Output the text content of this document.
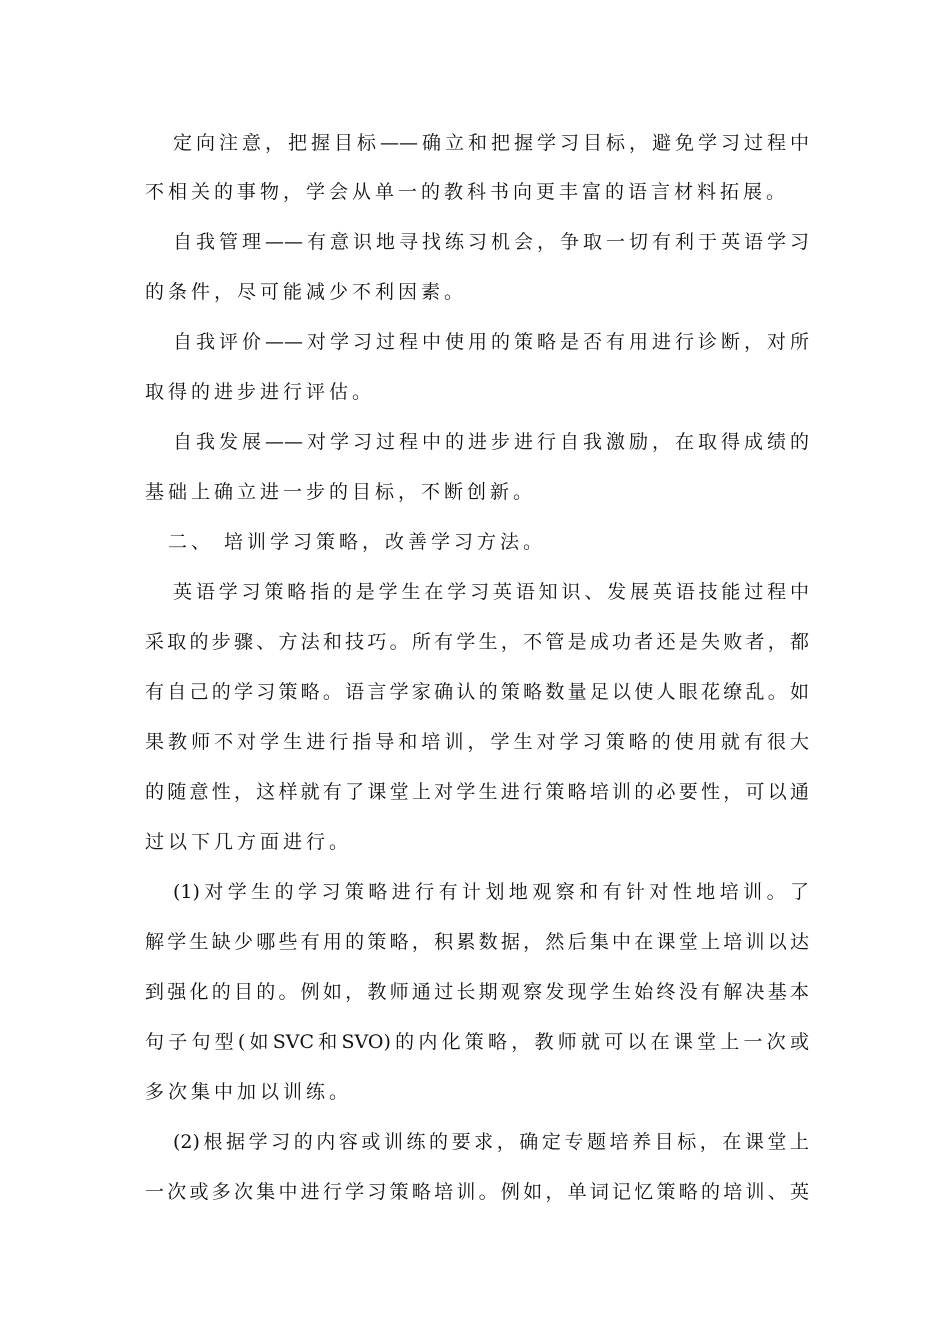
定向注意，把握目标——确立和把握学习目标，避免学习过程中
不相关的事物，学会从单一的教科书向更丰富的语言材料拓展。
自我管理——有意识地寻找练习机会，争取一切有利于英语学习
的条件，尽可能减少不利因素。
自我评价——对学习过程中使用的策略是否有用进行诊断，对所
取得的进步进行评估。
自我发展——对学习过程中的进步进行自我激励，在取得成绩的
基础上确立进一步的目标，不断创新。
二、 培训学习策略，改善学习方法。
英语学习策略指的是学生在学习英语知识、发展英语技能过程中
采取的步骤、方法和技巧。所有学生，不管是成功者还是失败者，都
有自己的学习策略。语言学家确认的策略数量足以使人眼花缭乱。如
果教师不对学生进行指导和培训，学生对学习策略的使用就有很大
的随意性，这样就有了课堂上对学生进行策略培训的必要性，可以通
过以下几方面进行。
(1)对学生的学习策略进行有计划地观察和有针对性地培训。了
解学生缺少哪些有用的策略，积累数据，然后集中在课堂上培训以达
到强化的目的。例如，教师通过长期观察发现学生始终没有解决基本
句子句型(如SVC和SVO)的内化策略，教师就可以在课堂上一次或
多次集中加以训练。
(2)根据学习的内容或训练的要求，确定专题培养目标，在课堂上
一次或多次集中进行学习策略培训。例如，单词记忆策略的培训、英
